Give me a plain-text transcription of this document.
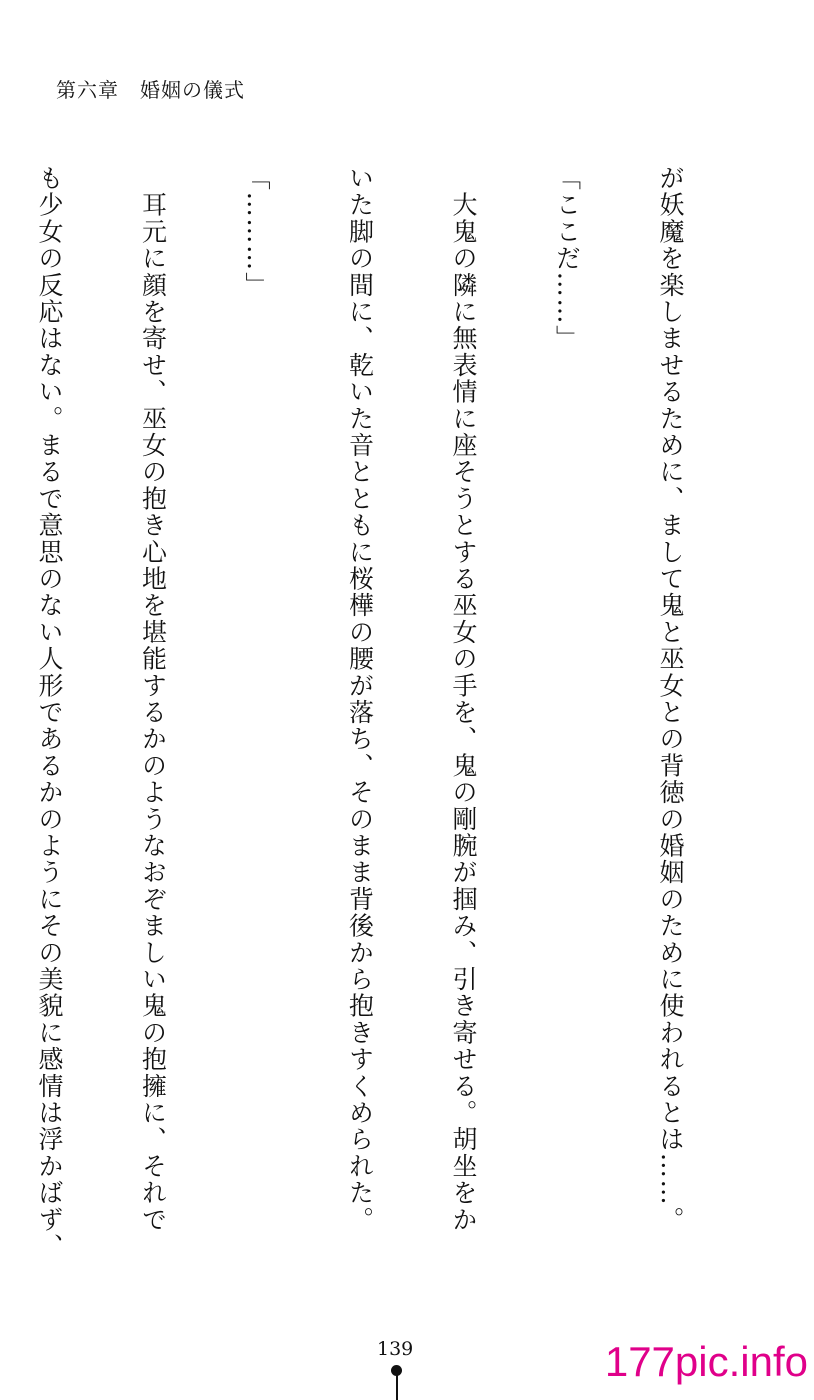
第六章　婚姻の儀式

が妖魔を楽しませるために、まして鬼と巫女との背徳の婚姻のために使われるとは……。

「ここだ……」

　大鬼の隣に無表情に座そうとする巫女の手を、鬼の剛腕が掴み、引き寄せる。胡坐をか

いた脚の間に、乾いた音とともに桜樺の腰が落ち、そのまま背後から抱きすくめられた。

「………」

　耳元に顔を寄せ、巫女の抱き心地を堪能するかのようなおぞましい鬼の抱擁に、それで

も少女の反応はない。まるで意思のない人形であるかのようにその美貌に感情は浮かばず、

139	177pic.info
